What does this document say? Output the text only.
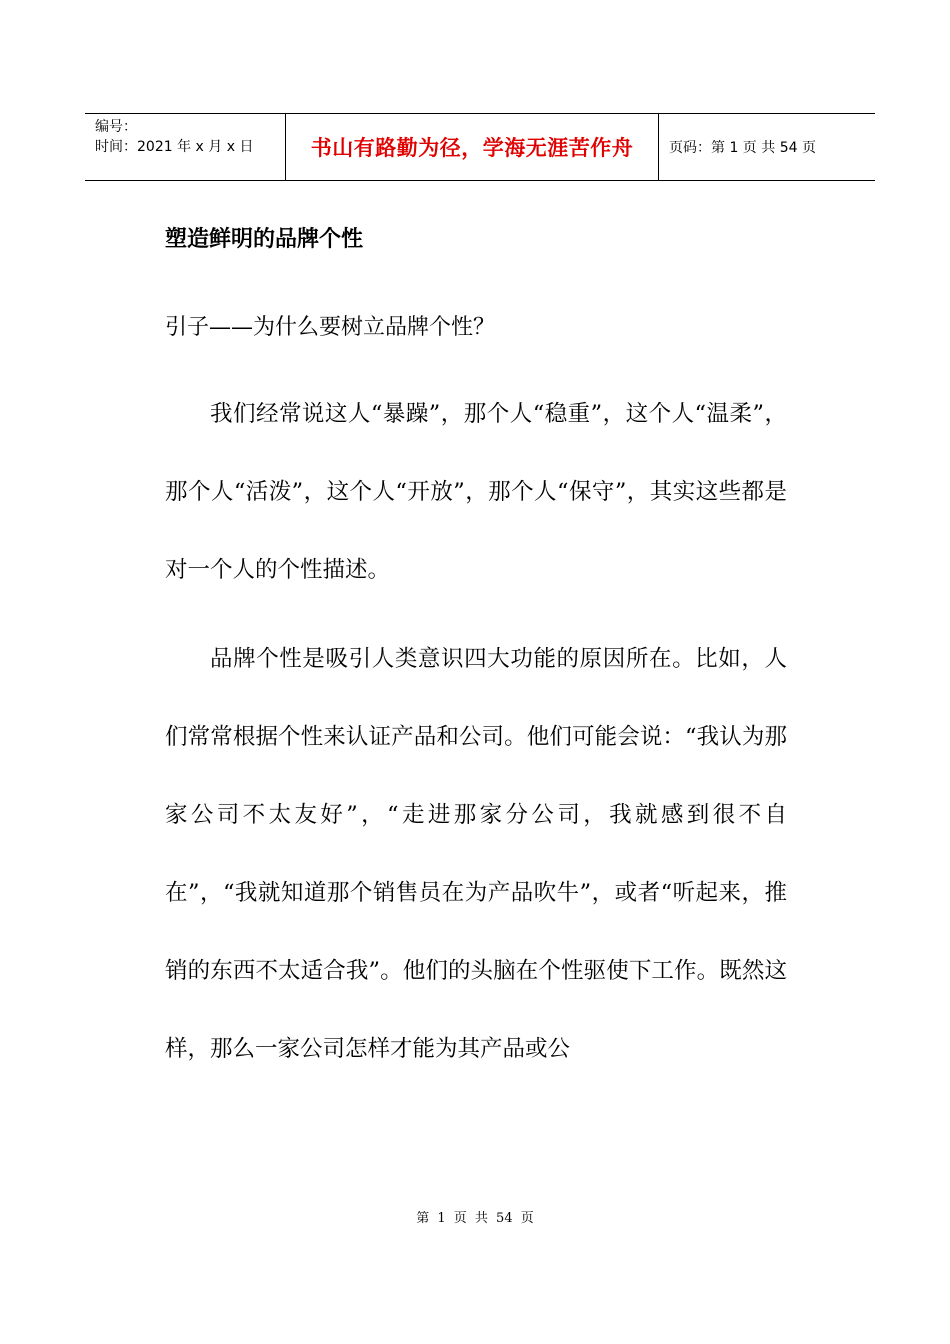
编号：
时间：2021 年 x 月 x 日	书山有路勤为径，学海无涯苦作舟	页码：第 1 页 共 54 页
塑造鲜明的品牌个性
引子——为什么要树立品牌个性？

我们经常说这人“暴躁”，那个人“稳重”，这个人“温柔”，那个人“活泼”，这个人“开放”，那个人“保守”，其实这些都是对一个人的个性描述。

品牌个性是吸引人类意识四大功能的原因所在。比如，人们常常根据个性来认证产品和公司。他们可能会说：“我认为那家公司不太友好”，“走进那家分公司，我就感到很不自在”，“我就知道那个销售员在为产品吹牛”，或者“听起来，推销的东西不太适合我”。他们的头脑在个性驱使下工作。既然这样，那么一家公司怎样才能为其产品或公

第 1 页 共 54 页
